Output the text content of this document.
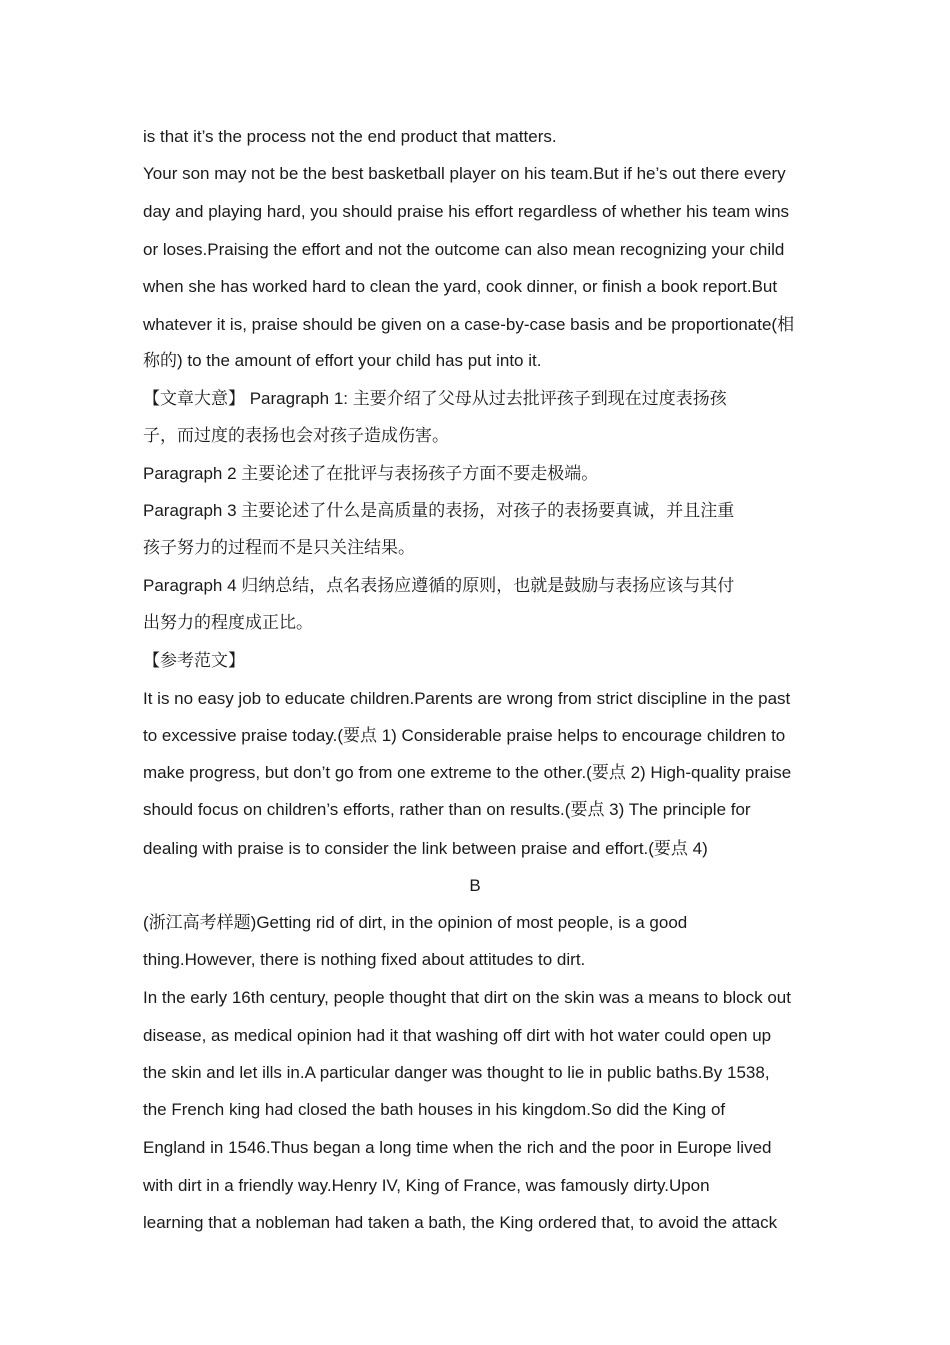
is that it’s the process not the end product that matters.
Your son may not be the best basketball player on his team.But if he’s out there every
day and playing hard, you should praise his effort regardless of whether his team wins
or loses.Praising the effort and not the outcome can also mean recognizing your child
when she has worked hard to clean the yard, cook dinner, or finish a book report.But
whatever it is, praise should be given on a case-by-case basis and be proportionate(相
称的) to the amount of effort your child has put into it.
【文章大意】 Paragraph 1: 主要介绍了父母从过去批评孩子到现在过度表扬孩
子，而过度的表扬也会对孩子造成伤害。
Paragraph 2 主要论述了在批评与表扬孩子方面不要走极端。
Paragraph 3 主要论述了什么是高质量的表扬，对孩子的表扬要真诚，并且注重
孩子努力的过程而不是只关注结果。
Paragraph 4 归纳总结，点名表扬应遵循的原则，也就是鼓励与表扬应该与其付
出努力的程度成正比。
【参考范文】
It is no easy job to educate children.Parents are wrong from strict discipline in the past
to excessive praise today.(要点 1) Considerable praise helps to encourage children to
make progress, but don’t go from one extreme to the other.(要点 2) High-quality praise
should focus on children’s efforts, rather than on results.(要点 3) The principle for
dealing with praise is to consider the link between praise and effort.(要点 4)
B
(浙江高考样题)Getting rid of dirt, in the opinion of most people, is a good
thing.However, there is nothing fixed about attitudes to dirt.
In the early 16th century, people thought that dirt on the skin was a means to block out
disease, as medical opinion had it that washing off dirt with hot water could open up
the skin and let ills in.A particular danger was thought to lie in public baths.By 1538,
the French king had closed the bath houses in his kingdom.So did the King of
England in 1546.Thus began a long time when the rich and the poor in Europe lived
with dirt in a friendly way.Henry IV, King of France, was famously dirty.Upon
learning that a nobleman had taken a bath, the King ordered that, to avoid the attack
